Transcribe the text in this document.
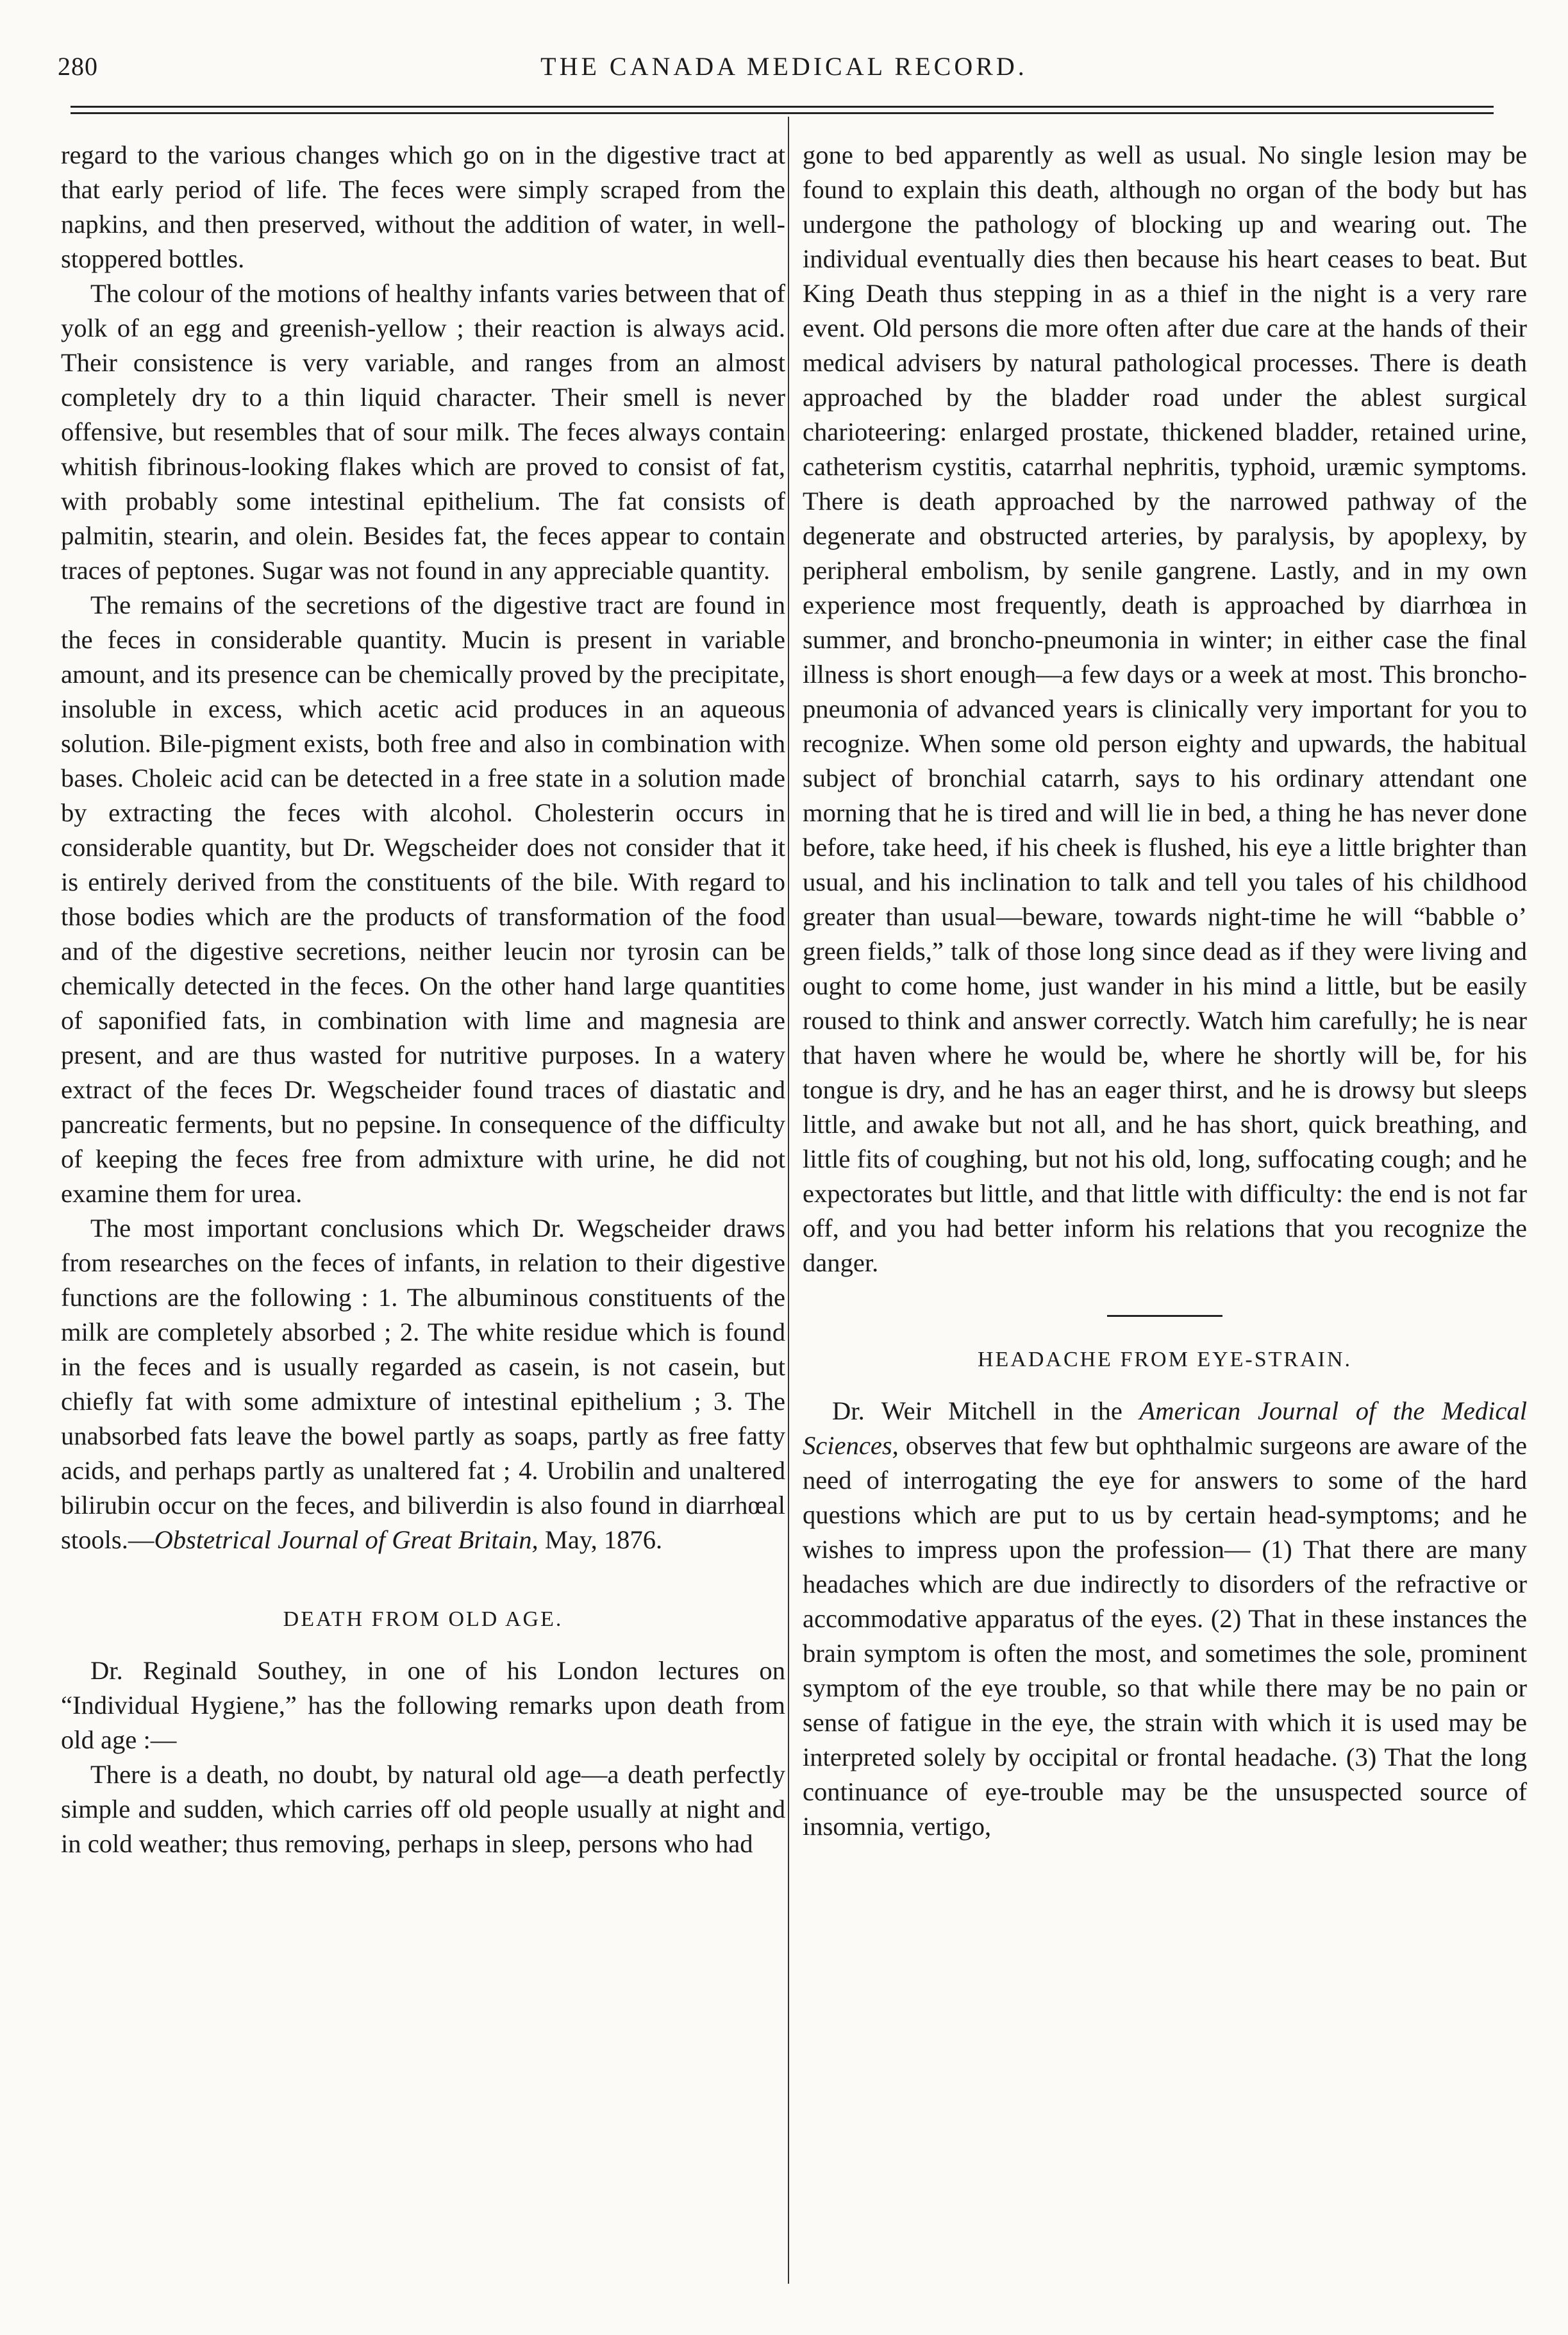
280	THE CANADA MEDICAL RECORD.

regard to the various changes which go on in the digestive tract at that early period of life. The feces were simply scraped from the napkins, and then preserved, without the addition of water, in well-stoppered bottles.

The colour of the motions of healthy infants varies between that of yolk of an egg and greenish-yellow ; their reaction is always acid. Their consistence is very variable, and ranges from an almost completely dry to a thin liquid character. Their smell is never offensive, but resembles that of sour milk. The feces always contain whitish fibrinous-looking flakes which are proved to consist of fat, with probably some intestinal epithelium. The fat consists of palmitin, stearin, and olein. Besides fat, the feces appear to contain traces of peptones. Sugar was not found in any appreciable quantity.

The remains of the secretions of the digestive tract are found in the feces in considerable quantity. Mucin is present in variable amount, and its presence can be chemically proved by the precipitate, insoluble in excess, which acetic acid produces in an aqueous solution. Bile-pigment exists, both free and also in combination with bases. Choleic acid can be detected in a free state in a solution made by extracting the feces with alcohol. Cholesterin occurs in considerable quantity, but Dr. Wegscheider does not consider that it is entirely derived from the constituents of the bile. With regard to those bodies which are the products of transformation of the food and of the digestive secretions, neither leucin nor tyrosin can be chemically detected in the feces. On the other hand large quantities of saponified fats, in combination with lime and magnesia are present, and are thus wasted for nutritive purposes. In a watery extract of the feces Dr. Wegscheider found traces of diastatic and pancreatic ferments, but no pepsine. In consequence of the difficulty of keeping the feces free from admixture with urine, he did not examine them for urea.

The most important conclusions which Dr. Wegscheider draws from researches on the feces of infants, in relation to their digestive functions are the following : 1. The albuminous constituents of the milk are completely absorbed ; 2. The white residue which is found in the feces and is usually regarded as casein, is not casein, but chiefly fat with some admixture of intestinal epithelium ; 3. The unabsorbed fats leave the bowel partly as soaps, partly as free fatty acids, and perhaps partly as unaltered fat ; 4. Urobilin and unaltered bilirubin occur on the feces, and biliverdin is also found in diarrhœal stools.—Obstetrical Journal of Great Britain, May, 1876.

DEATH FROM OLD AGE.

Dr. Reginald Southey, in one of his London lectures on “Individual Hygiene,” has the following remarks upon death from old age :—

There is a death, no doubt, by natural old age—a death perfectly simple and sudden, which carries off old people usually at night and in cold weather; thus removing, perhaps in sleep, persons who had

gone to bed apparently as well as usual. No single lesion may be found to explain this death, although no organ of the body but has undergone the pathology of blocking up and wearing out. The individual eventually dies then because his heart ceases to beat. But King Death thus stepping in as a thief in the night is a very rare event. Old persons die more often after due care at the hands of their medical advisers by natural pathological processes. There is death approached by the bladder road under the ablest surgical charioteering: enlarged prostate, thickened bladder, retained urine, catheterism cystitis, catarrhal nephritis, typhoid, uræmic symptoms. There is death approached by the narrowed pathway of the degenerate and obstructed arteries, by paralysis, by apoplexy, by peripheral embolism, by senile gangrene. Lastly, and in my own experience most frequently, death is approached by diarrhœa in summer, and broncho-pneumonia in winter; in either case the final illness is short enough—a few days or a week at most. This broncho-pneumonia of advanced years is clinically very important for you to recognize. When some old person eighty and upwards, the habitual subject of bronchial catarrh, says to his ordinary attendant one morning that he is tired and will lie in bed, a thing he has never done before, take heed, if his cheek is flushed, his eye a little brighter than usual, and his inclination to talk and tell you tales of his childhood greater than usual—beware, towards night-time he will “babble o’ green fields,” talk of those long since dead as if they were living and ought to come home, just wander in his mind a little, but be easily roused to think and answer correctly. Watch him carefully; he is near that haven where he would be, where he shortly will be, for his tongue is dry, and he has an eager thirst, and he is drowsy but sleeps little, and awake but not all, and he has short, quick breathing, and little fits of coughing, but not his old, long, suffocating cough; and he expectorates but little, and that little with difficulty: the end is not far off, and you had better inform his relations that you recognize the danger.

HEADACHE FROM EYE-STRAIN.

Dr. Weir Mitchell in the American Journal of the Medical Sciences, observes that few but ophthalmic surgeons are aware of the need of interrogating the eye for answers to some of the hard questions which are put to us by certain head-symptoms; and he wishes to impress upon the profession— (1) That there are many headaches which are due indirectly to disorders of the refractive or accommodative apparatus of the eyes. (2) That in these instances the brain symptom is often the most, and sometimes the sole, prominent symptom of the eye trouble, so that while there may be no pain or sense of fatigue in the eye, the strain with which it is used may be interpreted solely by occipital or frontal headache. (3) That the long continuance of eye-trouble may be the unsuspected source of insomnia, vertigo,
